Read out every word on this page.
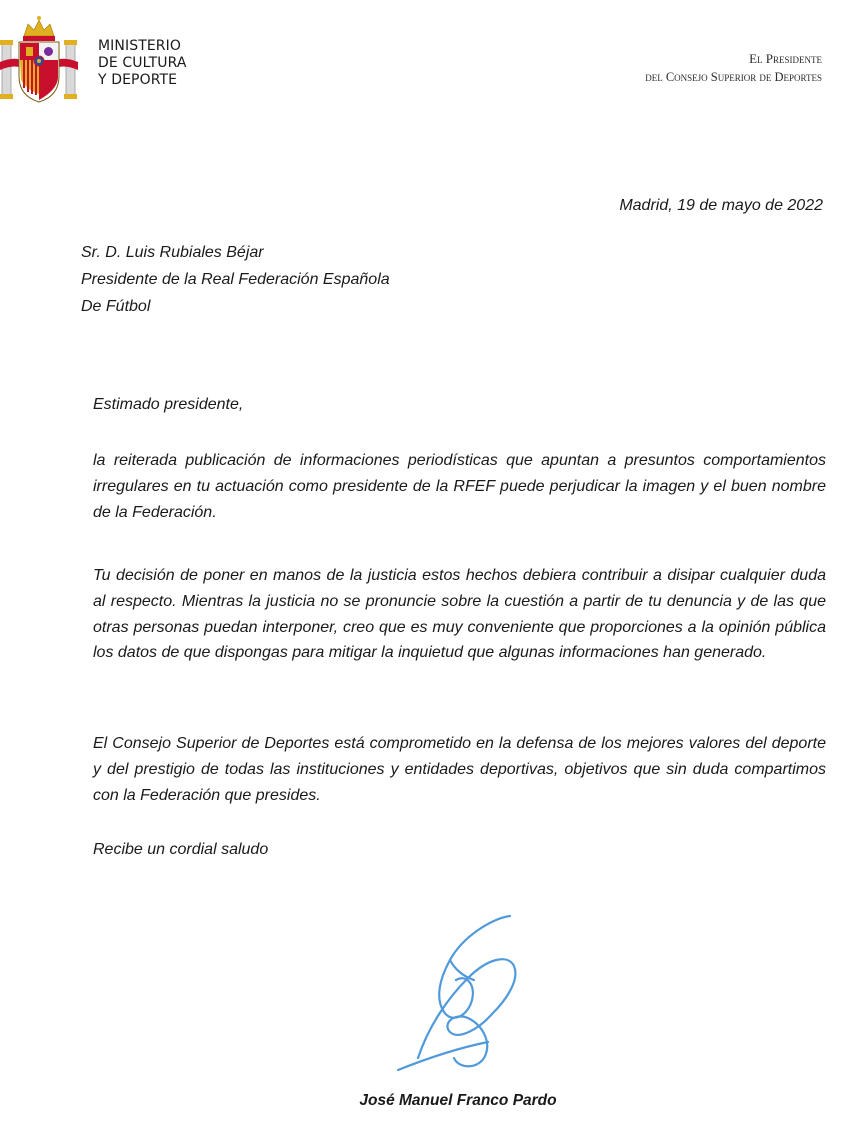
MINISTERIO
DE CULTURA
Y DEPORTE
El Presidente
del Consejo Superior de Deportes
Madrid, 19 de mayo de 2022
Sr. D. Luis Rubiales Béjar
Presidente de la Real Federación Española
De Fútbol
Estimado presidente,
la reiterada publicación de informaciones periodísticas que apuntan a presuntos comportamientos irregulares en tu actuación como presidente de la RFEF puede perjudicar la imagen y el buen nombre de la Federación.
Tu decisión de poner en manos de la justicia estos hechos debiera contribuir a disipar cualquier duda al respecto. Mientras la justicia no se pronuncie sobre la cuestión a partir de tu denuncia y de las que otras personas puedan interponer, creo que es muy conveniente que proporciones a la opinión pública los datos de que dispongas para mitigar la inquietud que algunas informaciones han generado.
El Consejo Superior de Deportes está comprometido en la defensa de los mejores valores del deporte y del prestigio de todas las instituciones y entidades deportivas, objetivos que sin duda compartimos con la Federación que presides.
Recibe un cordial saludo
José Manuel Franco Pardo
